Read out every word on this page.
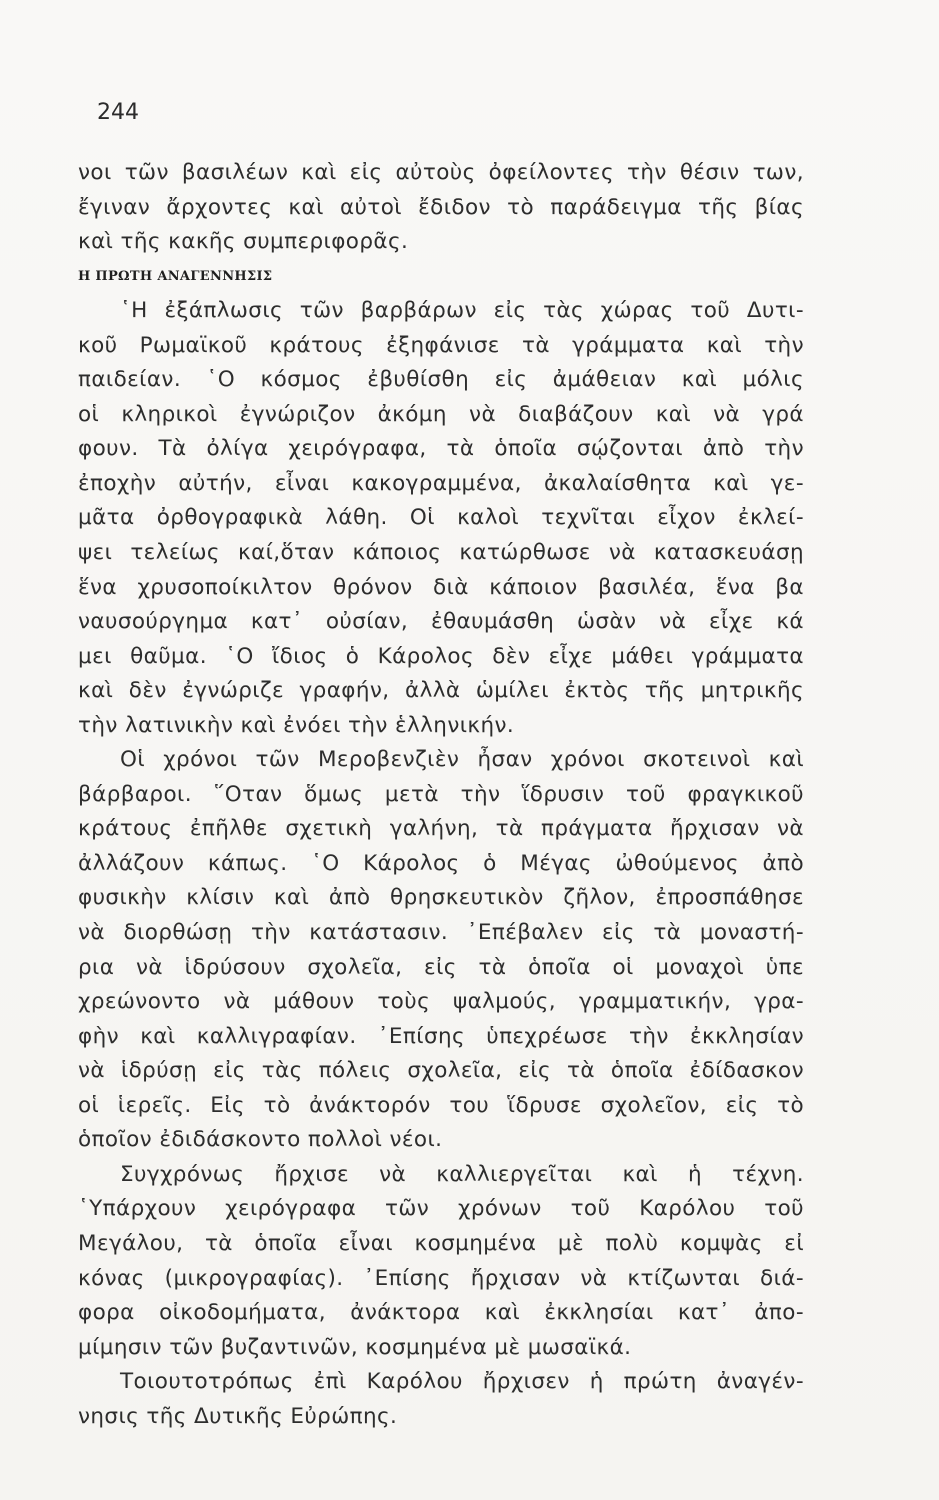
244
νοι τῶν βασιλέων καὶ εἰς αὐτοὺς ὀφείλοντες τὴν θέσιν των,
ἔγιναν ἄρχοντες καὶ αὐτοὶ ἔδιδον τὸ παράδειγμα τῆς βίας
καὶ τῆς κακῆς συμπεριφορᾶς.
Η ΠΡΩΤΗ ΑΝΑΓΕΝΝΗΣΙΣ
῾Η ἐξάπλωσις τῶν βαρβάρων εἰς τὰς χώρας τοῦ Δυτι-
κοῦ Ρωμαϊκοῦ κράτους ἐξηφάνισε τὰ γράμματα καὶ τὴν
παιδείαν. ῾Ο κόσμος ἐβυθίσθη εἰς ἀμάθειαν καὶ μόλις
οἱ κληρικοὶ ἐγνώριζον ἀκόμη νὰ διαβάζουν καὶ νὰ γρά
φουν. Τὰ ὀλίγα χειρόγραφα, τὰ ὁποῖα σῴζονται ἀπὸ τὴν
ἐποχὴν αὐτήν, εἶναι κακογραμμένα, ἀκαλαίσθητα καὶ γε-
μᾶτα ὀρθογραφικὰ λάθη. Οἱ καλοὶ τεχνῖται εἶχον ἐκλεί-
ψει τελείως καί,ὅταν κάποιος κατώρθωσε νὰ κατασκευάσῃ
ἕνα χρυσοποίκιλτον θρόνον διὰ κάποιον βασιλέα, ἕνα βα
ναυσούργημα κατ᾽ οὐσίαν, ἐθαυμάσθη ὡσὰν νὰ εἶχε κά
μει θαῦμα. ῾Ο ἴδιος ὁ Κάρολος δὲν εἶχε μάθει γράμματα
καὶ δὲν ἐγνώριζε γραφήν, ἀλλὰ ὡμίλει ἐκτὸς τῆς μητρικῆς
τὴν λατινικὴν καὶ ἐνόει τὴν ἑλληνικήν.
Οἱ χρόνοι τῶν Μεροβενζιὲν ἦσαν χρόνοι σκοτεινοὶ καὶ
βάρβαροι. ῞Οταν ὅμως μετὰ τὴν ἵδρυσιν τοῦ φραγκικοῦ
κράτους ἐπῆλθε σχετικὴ γαλήνη, τὰ πράγματα ἤρχισαν νὰ
ἀλλάζουν κάπως. ῾Ο Κάρολος ὁ Μέγας ὠθούμενος ἀπὸ
φυσικὴν κλίσιν καὶ ἀπὸ θρησκευτικὸν ζῆλον, ἐπροσπάθησε
νὰ διορθώσῃ τὴν κατάστασιν. ᾿Επέβαλεν εἰς τὰ μοναστή-
ρια νὰ ἱδρύσουν σχολεῖα, εἰς τὰ ὁποῖα οἱ μοναχοὶ ὑπε
χρεώνοντο νὰ μάθουν τοὺς ψαλμούς, γραμματικήν, γρα-
φὴν καὶ καλλιγραφίαν. ᾿Επίσης ὑπεχρέωσε τὴν ἐκκλησίαν
νὰ ἱδρύσῃ εἰς τὰς πόλεις σχολεῖα, εἰς τὰ ὁποῖα ἐδίδασκον
οἱ ἱερεῖς. Εἰς τὸ ἀνάκτορόν του ἵδρυσε σχολεῖον, εἰς τὸ
ὁποῖον ἐδιδάσκοντο πολλοὶ νέοι.
Συγχρόνως ἤρχισε νὰ καλλιεργεῖται καὶ ἡ τέχνη.
῾Υπάρχουν χειρόγραφα τῶν χρόνων τοῦ Καρόλου τοῦ
Μεγάλου, τὰ ὁποῖα εἶναι κοσμημένα μὲ πολὺ κομψὰς εἰ
κόνας (μικρογραφίας). ᾿Επίσης ἤρχισαν νὰ κτίζωνται διά-
φορα οἰκοδομήματα, ἀνάκτορα καὶ ἐκκλησίαι κατ᾽ ἀπο-
μίμησιν τῶν βυζαντινῶν, κοσμημένα μὲ μωσαϊκά.
Τοιουτοτρόπως ἐπὶ Καρόλου ἤρχισεν ἡ πρώτη ἀναγέν-
νησις τῆς Δυτικῆς Εὐρώπης.
